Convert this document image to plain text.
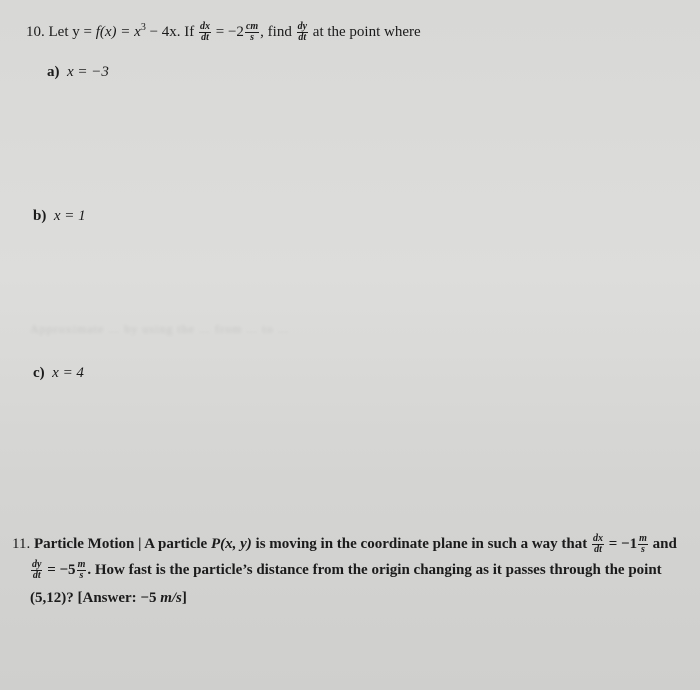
Approximate ... by using the ... from ... to ...
10. Let $y = f(x) = x^3 - 4x$. If $\frac{dx}{dt} = -2 \frac{cm}{s}$ , find $\frac{dy}{dt}$ at the point where
a) x = −3
b) x = 1
c) x = 4
11. Particle Motion | A particle P(x, y) is moving in the coordinate plane in such a way that $\frac{dx}{dt} = -1 \frac{m}{s}$ and
$\frac{dy}{dt} = -5 \frac{m}{s}$ . How fast is the particle’s distance from the origin changing as it passes through the point
(5,12)? [Answer: −5 m/s]
